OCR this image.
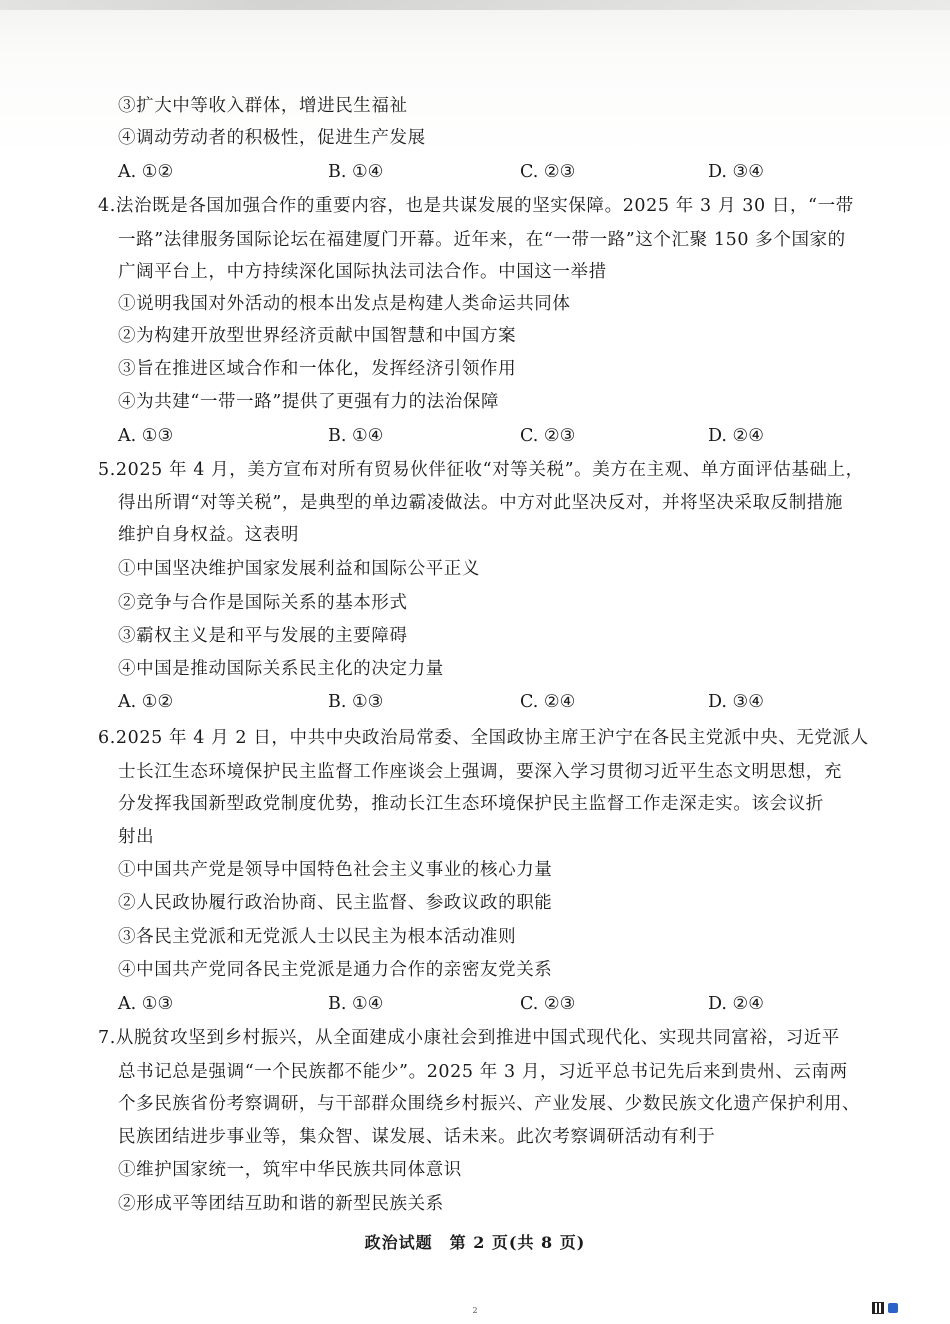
③扩大中等收入群体，增进民生福祉
④调动劳动者的积极性，促进生产发展
A. ①②	B. ①④	C. ②③	D. ③④
4.法治既是各国加强合作的重要内容，也是共谋发展的坚实保障。2025 年 3 月 30 日，“一带
一路”法律服务国际论坛在福建厦门开幕。近年来，在“一带一路”这个汇聚 150 多个国家的
广阔平台上，中方持续深化国际执法司法合作。中国这一举措
①说明我国对外活动的根本出发点是构建人类命运共同体
②为构建开放型世界经济贡献中国智慧和中国方案
③旨在推进区域合作和一体化，发挥经济引领作用
④为共建“一带一路”提供了更强有力的法治保障
A. ①③	B. ①④	C. ②③	D. ②④
5.2025 年 4 月，美方宣布对所有贸易伙伴征收“对等关税”。美方在主观、单方面评估基础上，
得出所谓“对等关税”，是典型的单边霸凌做法。中方对此坚决反对，并将坚决采取反制措施
维护自身权益。这表明
①中国坚决维护国家发展利益和国际公平正义
②竞争与合作是国际关系的基本形式
③霸权主义是和平与发展的主要障碍
④中国是推动国际关系民主化的决定力量
A. ①②	B. ①③	C. ②④	D. ③④
6.2025 年 4 月 2 日，中共中央政治局常委、全国政协主席王沪宁在各民主党派中央、无党派人
士长江生态环境保护民主监督工作座谈会上强调，要深入学习贯彻习近平生态文明思想，充
分发挥我国新型政党制度优势，推动长江生态环境保护民主监督工作走深走实。该会议折
射出
①中国共产党是领导中国特色社会主义事业的核心力量
②人民政协履行政治协商、民主监督、参政议政的职能
③各民主党派和无党派人士以民主为根本活动准则
④中国共产党同各民主党派是通力合作的亲密友党关系
A. ①③	B. ①④	C. ②③	D. ②④
7.从脱贫攻坚到乡村振兴，从全面建成小康社会到推进中国式现代化、实现共同富裕，习近平
总书记总是强调“一个民族都不能少”。2025 年 3 月，习近平总书记先后来到贵州、云南两
个多民族省份考察调研，与干部群众围绕乡村振兴、产业发展、少数民族文化遗产保护利用、
民族团结进步事业等，集众智、谋发展、话未来。此次考察调研活动有利于
①维护国家统一，筑牢中华民族共同体意识
②形成平等团结互助和谐的新型民族关系
政治试题　第 2 页(共 8 页)
2
